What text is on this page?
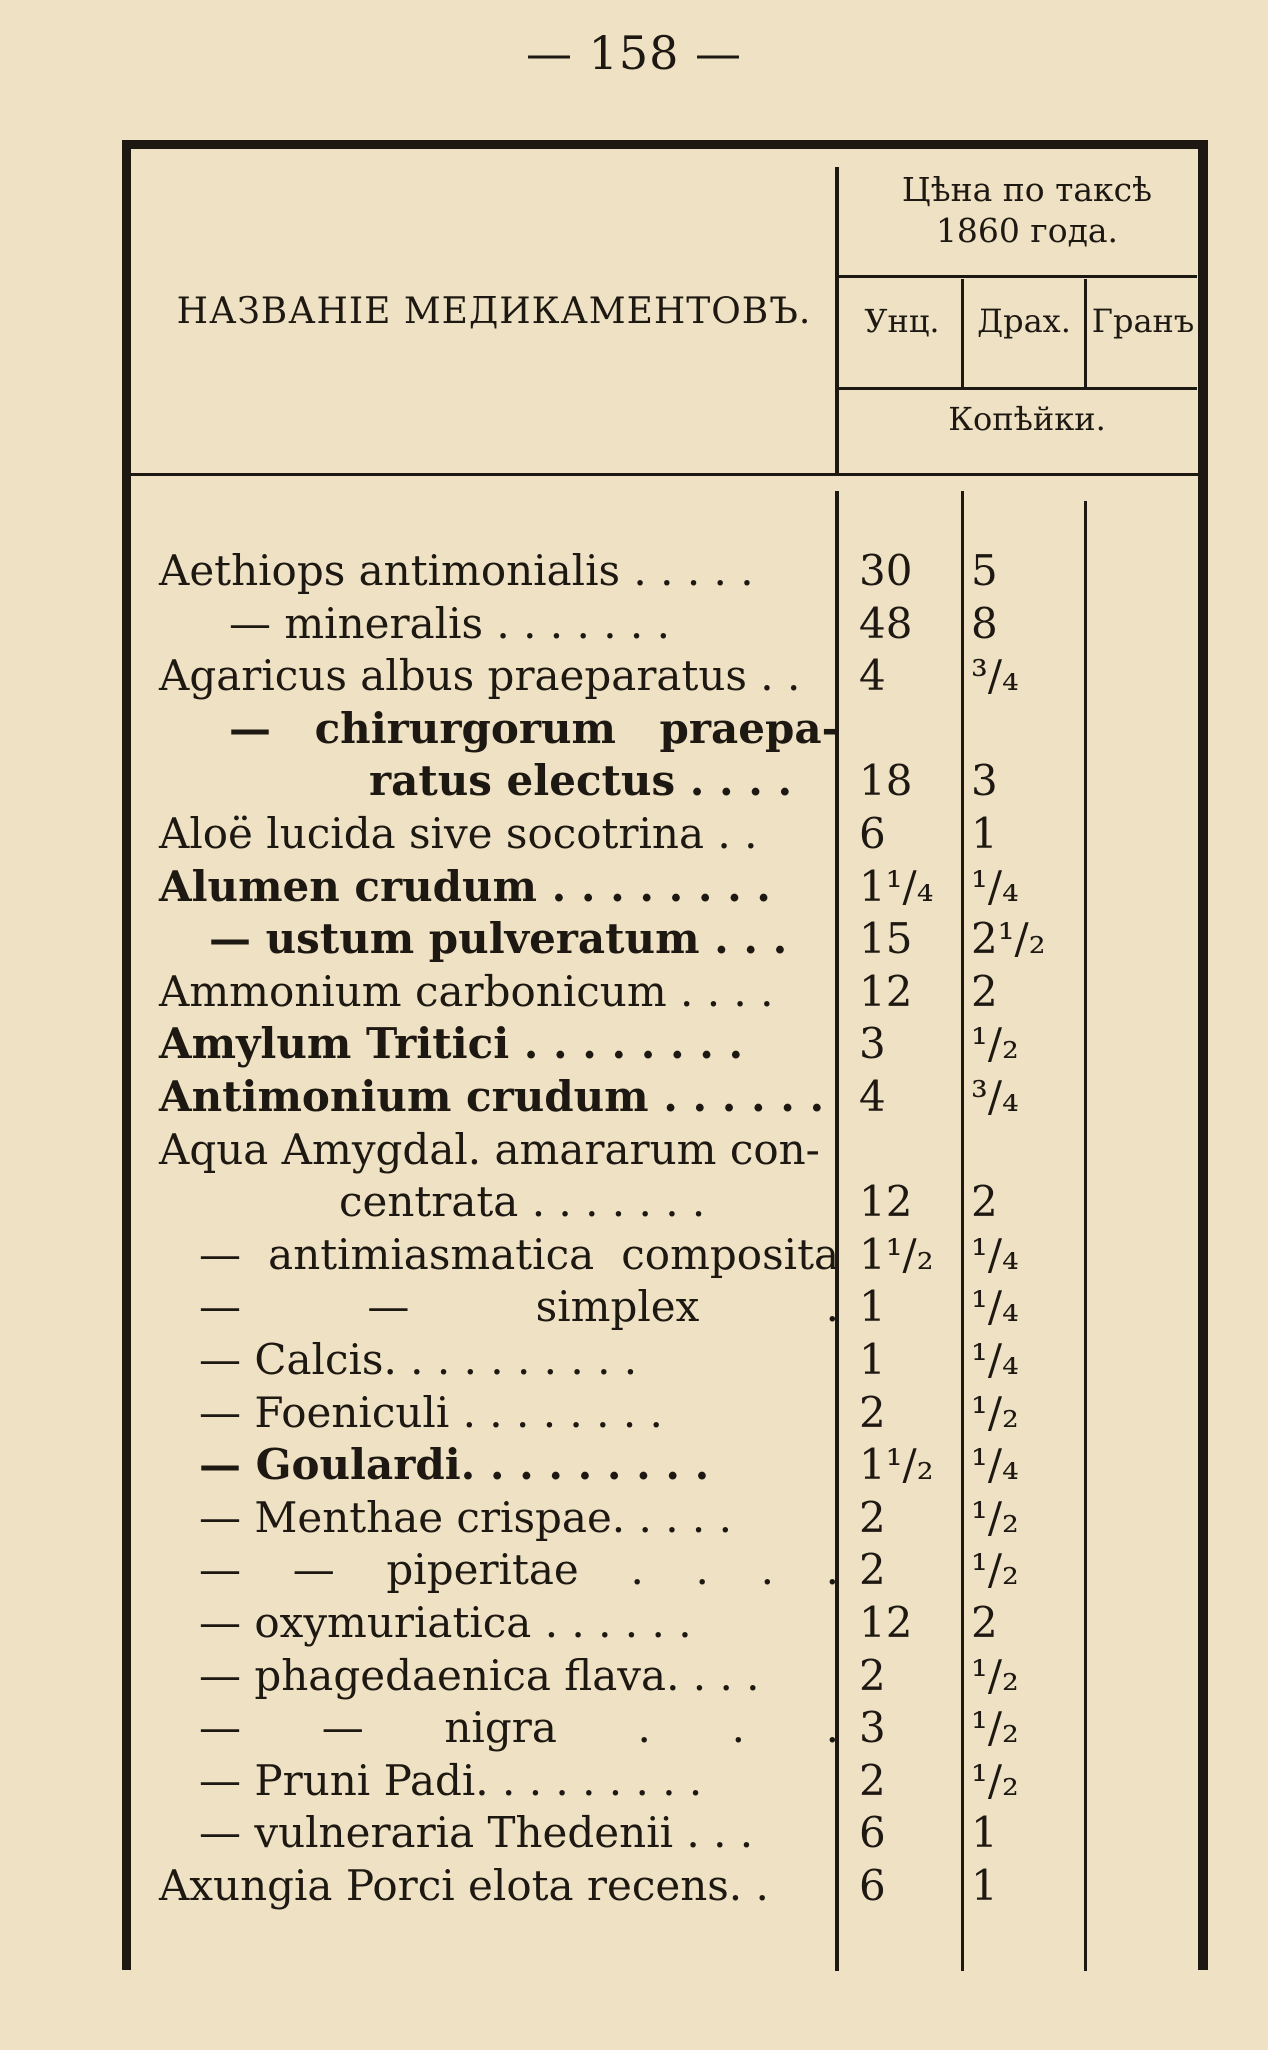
— 158 —
НАЗВАНІЕ МЕДИКАМЕНТОВЪ.
Цѣна по таксѣ
1860 года.
Унц.	Драх. Гранъ
Копѣйки.
Aethiops antimonialis . . . . .	30	5
— mineralis . . . . . . .	48	8
Agaricus albus praeparatus . .	4	³/₄
— chirurgorum praepa-
ratus electus . . . .	18	3
Aloë lucida sive socotrina . .	6	1
Alumen crudum . . . . . . . .	1¹/₄ ¹/₄
— ustum pulveratum . . .	15	2¹/₂
Ammonium carbonicum . . . .	12	2
Amylum Tritici . . . . . . . .	3	¹/₂
Antimonium crudum . . . . . . 4	³/₄
Aqua Amygdal. amararum con-
centrata . . . . . . .	12	2
— antimiasmatica composita 1¹/₂ ¹/₄
— — simplex . 1	¹/₄
— Calcis. . . . . . . . . .	1	¹/₄
— Foeniculi . . . . . . . .	2	¹/₂
— Goulardi. . . . . . . . .	1¹/₂ ¹/₄
— Menthae crispae. . . . .	2	¹/₂
— — piperitae . . . . 2	¹/₂
— oxymuriatica . . . . . .	12	2
— phagedaenica flava. . . .	2	¹/₂
— — nigra . . . 3	¹/₂
— Pruni Padi. . . . . . . . .	2	¹/₂
— vulneraria Thedenii . . .	6	1
Axungia Porci elota recens. .	6	1
